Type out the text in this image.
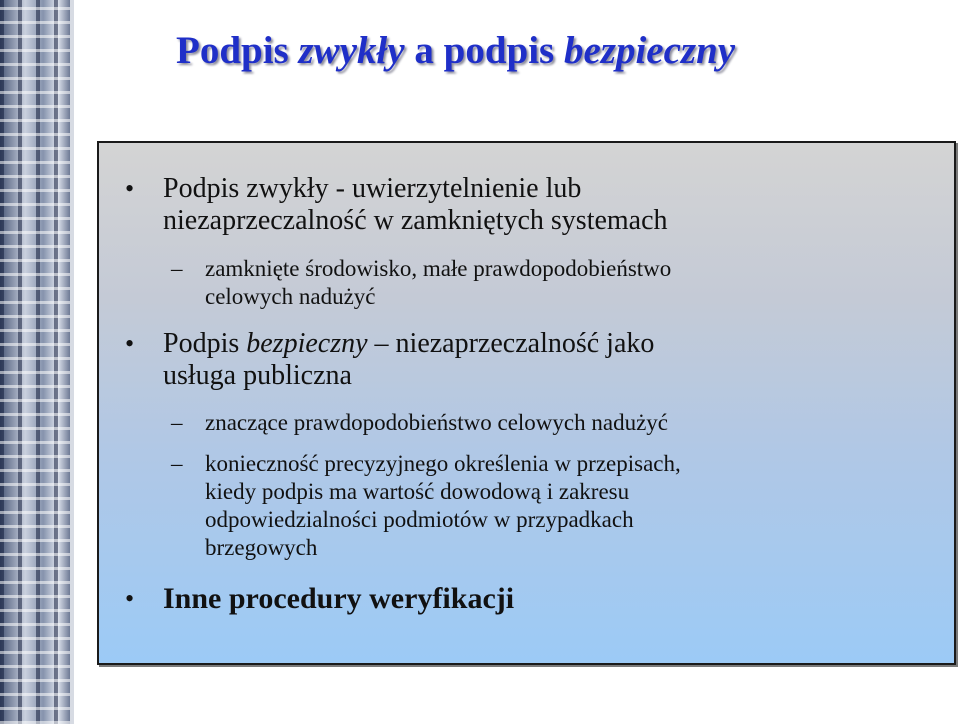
Podpis zwykły a podpis bezpieczny
• Podpis zwykły - uwierzytelnienie lub
niezaprzeczalność w zamkniętych systemach
– zamknięte środowisko, małe prawdopodobieństwo
celowych nadużyć
• Podpis bezpieczny – niezaprzeczalność jako
usługa publiczna
– znaczące prawdopodobieństwo celowych nadużyć
– konieczność precyzyjnego określenia w przepisach,
kiedy podpis ma wartość dowodową i zakresu
odpowiedzialności podmiotów w przypadkach
brzegowych
• Inne procedury weryfikacji
